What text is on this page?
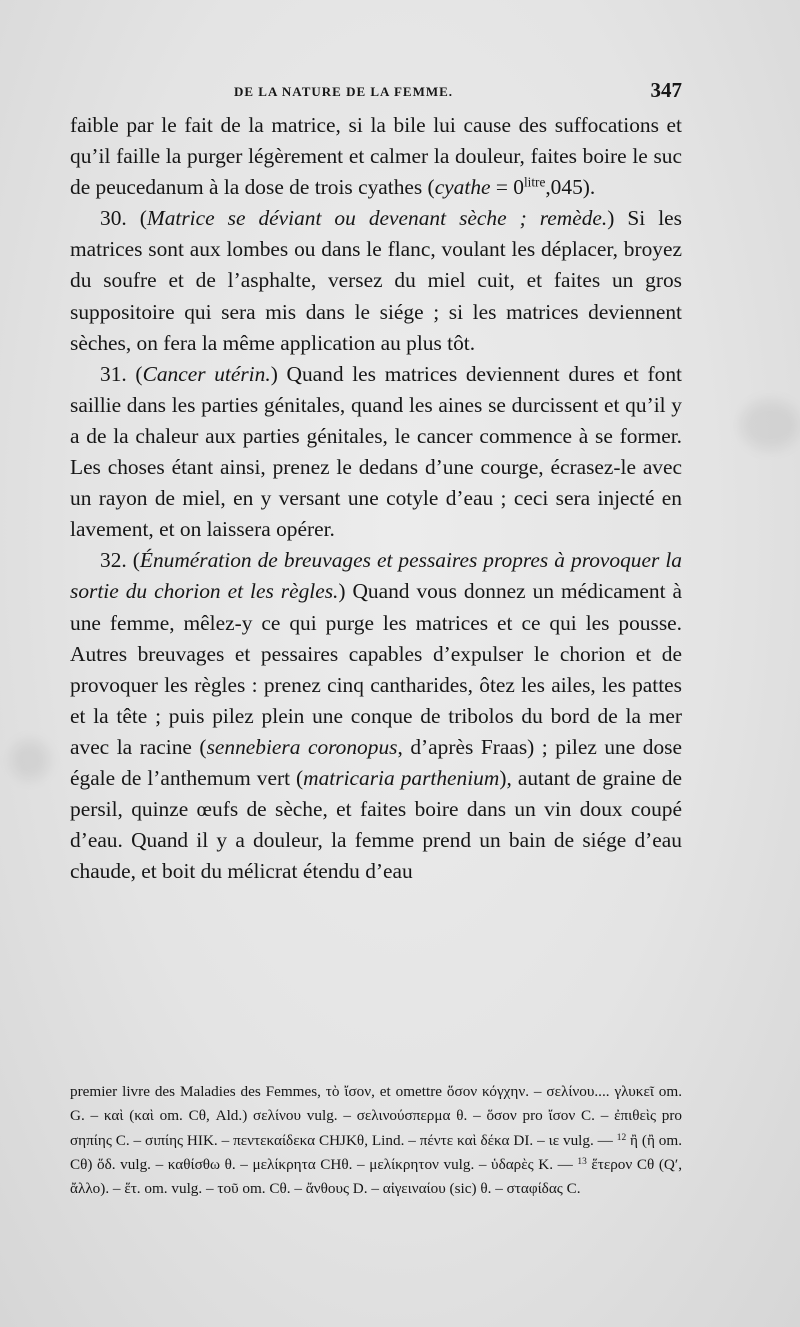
DE LA NATURE DE LA FEMME.	347

faible par le fait de la matrice, si la bile lui cause des suffocations et qu’il faille la purger légèrement et calmer la douleur, faites boire le suc de peucedanum à la dose de trois cyathes (cyathe = $0^{litre},045$).

30. (Matrice se déviant ou devenant sèche ; remède.) Si les matrices sont aux lombes ou dans le flanc, voulant les déplacer, broyez du soufre et de l’asphalte, versez du miel cuit, et faites un gros suppositoire qui sera mis dans le siége ; si les matrices deviennent sèches, on fera la même application au plus tôt.

31. (Cancer utérin.) Quand les matrices deviennent dures et font saillie dans les parties génitales, quand les aines se durcissent et qu’il y a de la chaleur aux parties génitales, le cancer commence à se former. Les choses étant ainsi, prenez le dedans d’une courge, écrasez-le avec un rayon de miel, en y versant une cotyle d’eau ; ceci sera injecté en lavement, et on laissera opérer.

32. (Énumération de breuvages et pessaires propres à provoquer la sortie du chorion et les règles.) Quand vous donnez un médicament à une femme, mêlez-y ce qui purge les matrices et ce qui les pousse. Autres breuvages et pessaires capables d’expulser le chorion et de provoquer les règles : prenez cinq cantharides, ôtez les ailes, les pattes et la tête ; puis pilez plein une conque de tribolos du bord de la mer avec la racine (sennebiera coronopus, d’après Fraas) ; pilez une dose égale de l’anthemum vert (matricaria parthenium), autant de graine de persil, quinze œufs de sèche, et faites boire dans un vin doux coupé d’eau. Quand il y a douleur, la femme prend un bain de siége d’eau chaude, et boit du mélicrat étendu d’eau

premier livre des Maladies des Femmes, τὸ ἴσον, et omettre ὅσον κόγχην. – σελίνου.... γλυκεῖ om. G. – καὶ (καὶ om. Cθ, Ald.) σελίνου vulg. – σελινούσπερμα θ. – ὅσον pro ἴσον C. – ἐπιθεὶς pro σηπίης C. – σιπίης HIK. – πεντεκαίδεκα CHJKθ, Lind. – πέντε καὶ δέκα DI. – ιε vulg. — $^{12}$ ἢ (ἢ om. Cθ) ὅδ. vulg. – καθίσθω θ. – μελίκρητα CHθ. – μελίκρητον vulg. – ὑδαρὲς K. — $^{13}$ ἕτερον Cθ (Q′, ἄλλο). – ἕτ. om. vulg. – τοῦ om. Cθ. – ἄνθους D. – αἰγειναίου (sic) θ. – σταφίδας C.
